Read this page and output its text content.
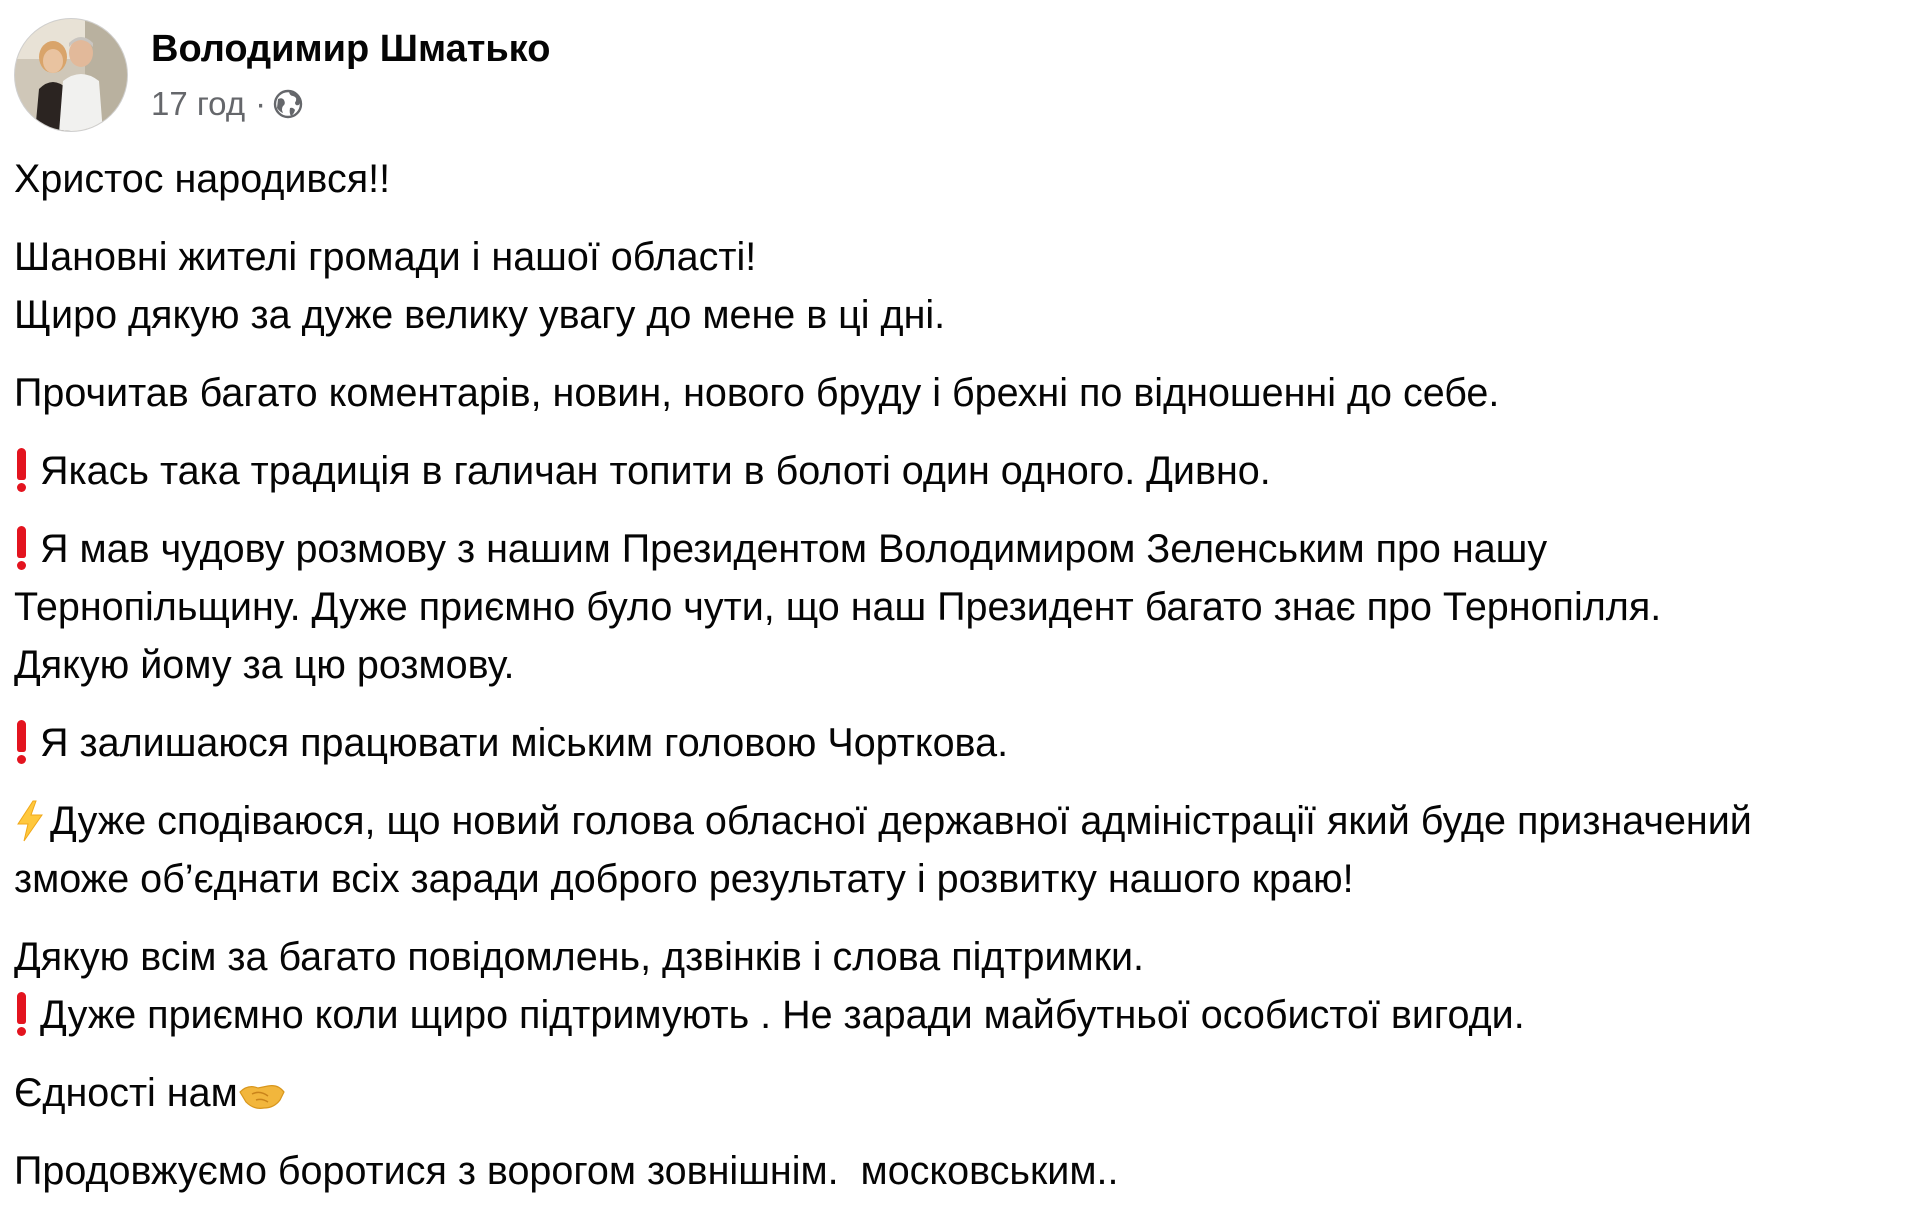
Володимир Шматько
17 год ·
Христос народився!!
Шановні жителі громади і нашої області!
Щиро дякую за дуже велику увагу до мене в ці дні.
Прочитав багато коментарів, новин, нового бруду і брехні по відношенні до себе.
Якась така традиція в галичан топити в болоті один одного. Дивно.
Я мав чудову розмову з нашим Президентом Володимиром Зеленським про нашу
Тернопільщину. Дуже приємно було чути, що наш Президент багато знає про Тернопілля.
Дякую йому за цю розмову.
Я залишаюся працювати міським головою Чорткова.
Дуже сподіваюся, що новий голова обласної державної адміністрації який буде призначений
зможе об’єднати всіх заради доброго результату і розвитку нашого краю!
Дякую всім за багато повідомлень, дзвінків і слова підтримки.
Дуже приємно коли щиро підтримують . Не заради майбутньої особистої вигоди.
Єдності нам
Продовжуємо боротися з ворогом зовнішнім.  московським..
